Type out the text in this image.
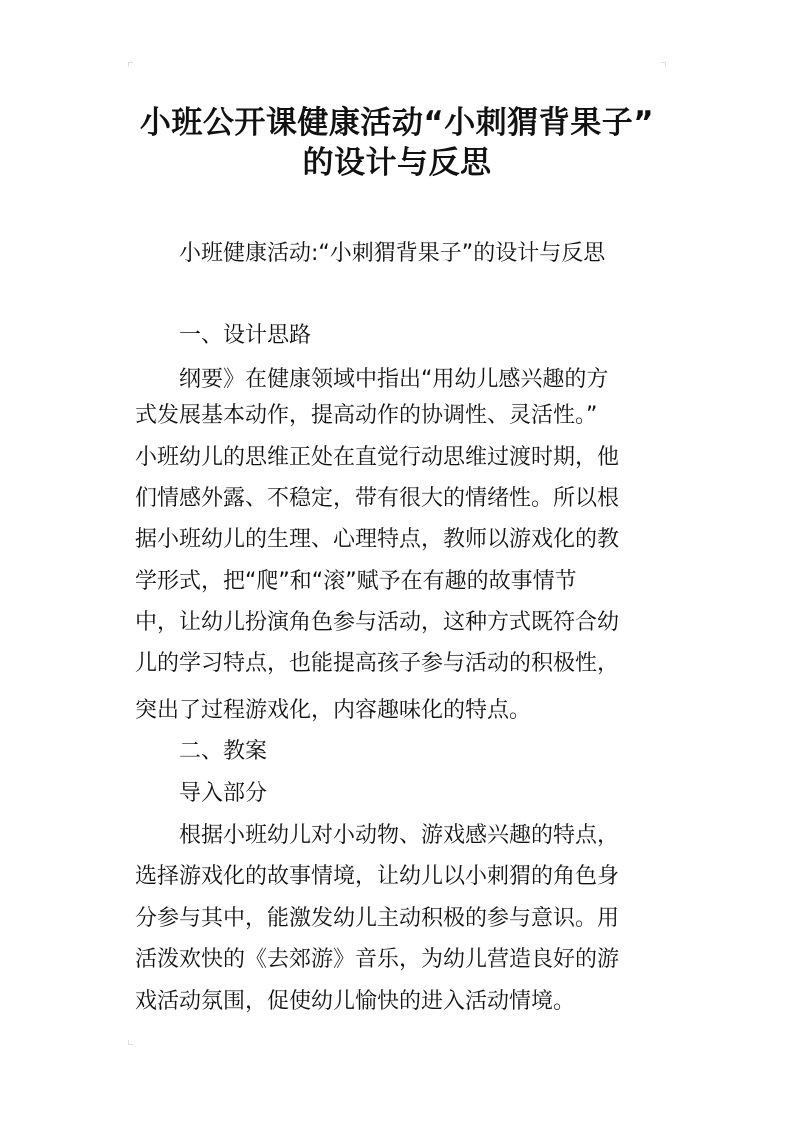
小班公开课健康活动“小刺猬背果子”
的设计与反思

小班健康活动:“小刺猬背果子”的设计与反思

一、设计思路

纲要》在健康领域中指出“用幼儿感兴趣的方

式发展基本动作，提高动作的协调性、灵活性。”

小班幼儿的思维正处在直觉行动思维过渡时期，他

们情感外露、不稳定，带有很大的情绪性。所以根

据小班幼儿的生理、心理特点，教师以游戏化的教

学形式，把“爬”和“滚”赋予在有趣的故事情节

中，让幼儿扮演角色参与活动，这种方式既符合幼

儿的学习特点，也能提高孩子参与活动的积极性，

突出了过程游戏化，内容趣味化的特点。

二、教案

导入部分

根据小班幼儿对小动物、游戏感兴趣的特点，

选择游戏化的故事情境，让幼儿以小刺猬的角色身

分参与其中，能激发幼儿主动积极的参与意识。用

活泼欢快的《去郊游》音乐，为幼儿营造良好的游

戏活动氛围，促使幼儿愉快的进入活动情境。
